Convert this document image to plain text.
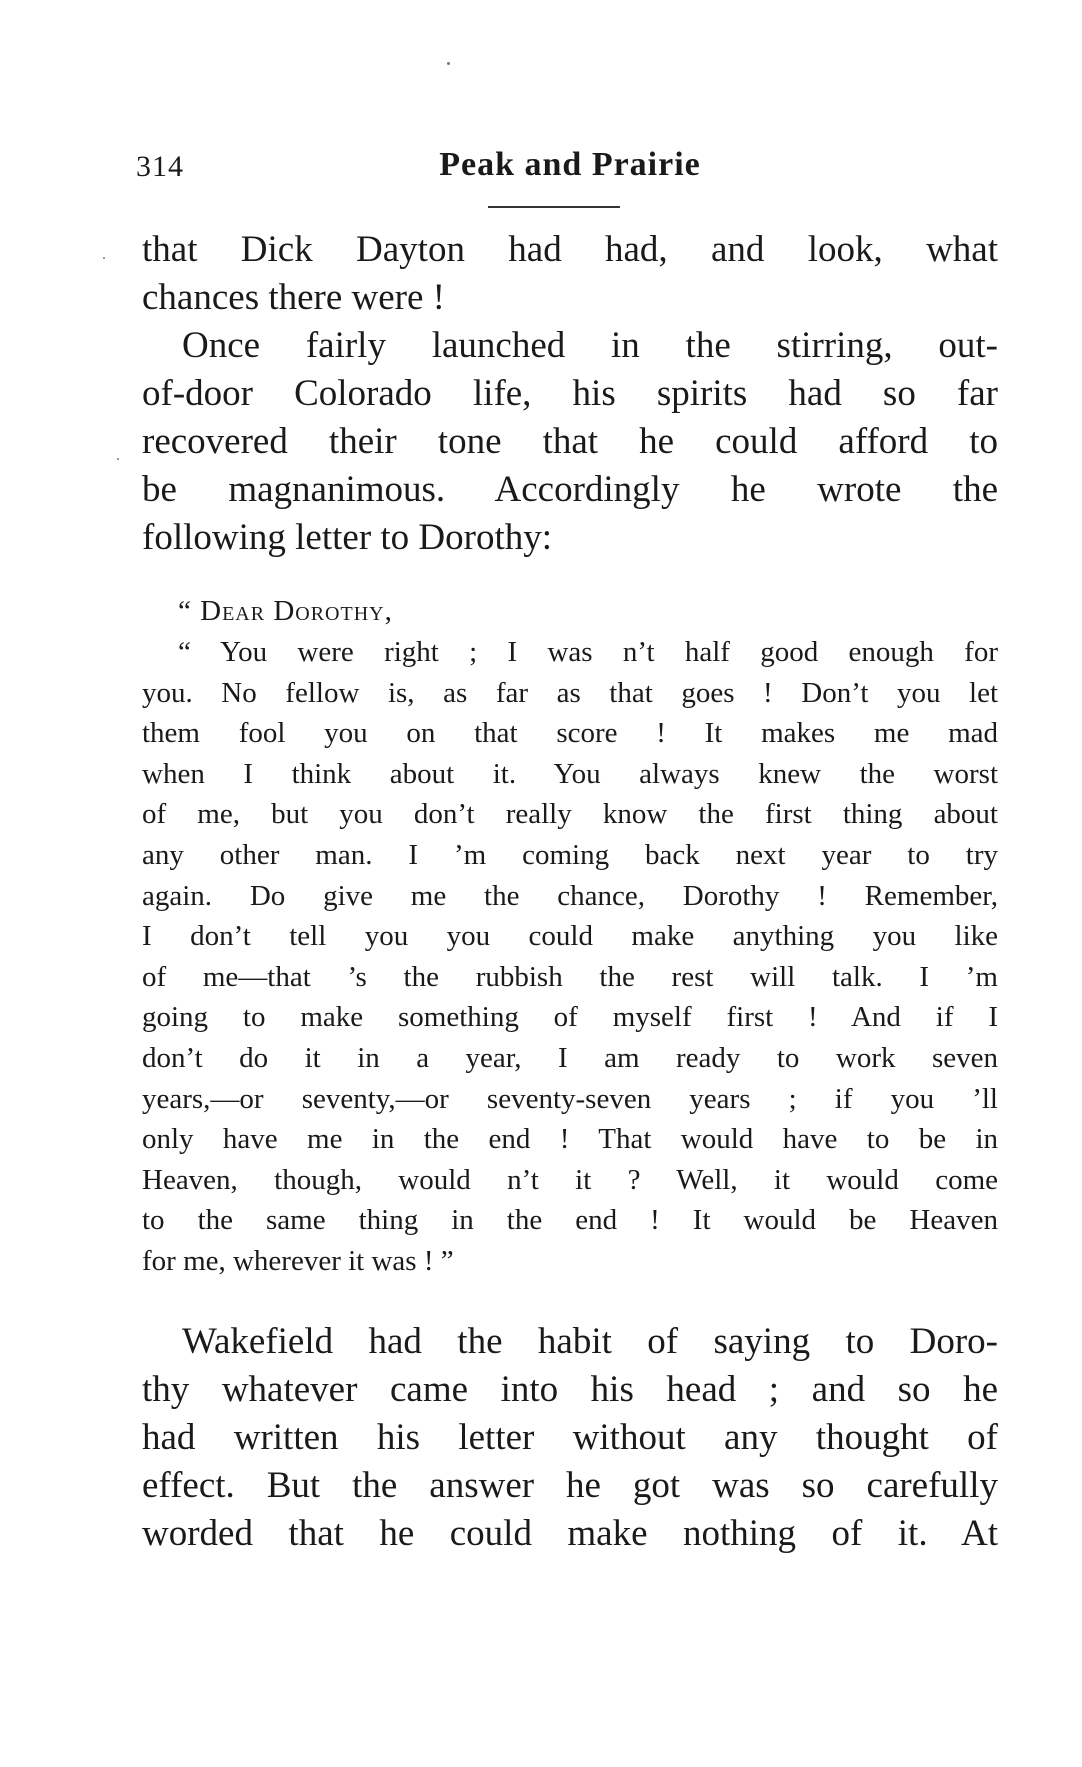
314	Peak and Prairie

that Dick Dayton had had, and look, what
chances there were !

Once fairly launched in the stirring, out-
of-door Colorado life, his spirits had so far
recovered their tone that he could afford to
be magnanimous. Accordingly he wrote the
following letter to Dorothy:

“ Dear Dorothy,
“ You were right ; I was n’t half good enough for
you. No fellow is, as far as that goes ! Don’t you let
them fool you on that score ! It makes me mad
when I think about it. You always knew the worst
of me, but you don’t really know the first thing about
any other man. I ’m coming back next year to try
again. Do give me the chance, Dorothy ! Remember,
I don’t tell you you could make anything you like
of me—that ’s the rubbish the rest will talk. I ’m
going to make something of myself first ! And if I
don’t do it in a year, I am ready to work seven
years,—or seventy,—or seventy-seven years ; if you ’ll
only have me in the end ! That would have to be in
Heaven, though, would n’t it ? Well, it would come
to the same thing in the end ! It would be Heaven
for me, wherever it was ! ”

Wakefield had the habit of saying to Doro-
thy whatever came into his head ; and so he
had written his letter without any thought of
effect. But the answer he got was so carefully
worded that he could make nothing of it. At
